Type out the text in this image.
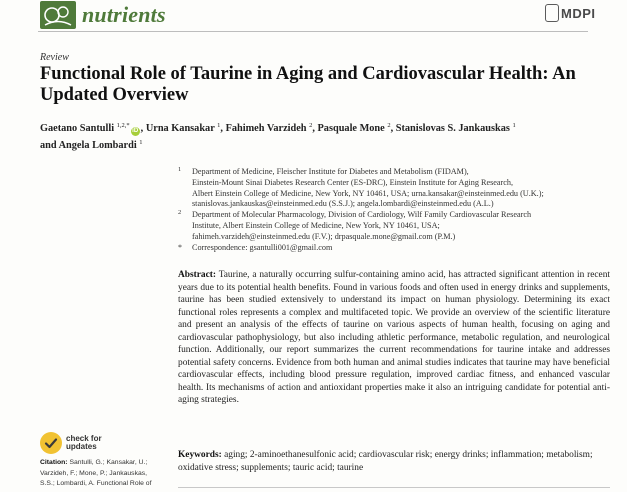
nutrients	MDPI
Review
Functional Role of Taurine in Aging and Cardiovascular Health: An Updated Overview
Gaetano Santulli $^{1,2,*}$iD , Urna Kansakar $^1$, Fahimeh Varzideh $^2$, Pasquale Mone $^2$, Stanislovas S. Jankauskas $^1$
and Angela Lombardi $^1$
1 Department of Medicine, Fleischer Institute for Diabetes and Metabolism (FIDAM),
Einstein-Mount Sinai Diabetes Research Center (ES-DRC), Einstein Institute for Aging Research,
Albert Einstein College of Medicine, New York, NY 10461, USA; urna.kansakar@einsteinmed.edu (U.K.);
stanislovas.jankauskas@einsteinmed.edu (S.S.J.); angela.lombardi@einsteinmed.edu (A.L.)
2 Department of Molecular Pharmacology, Division of Cardiology, Wilf Family Cardiovascular Research
Institute, Albert Einstein College of Medicine, New York, NY 10461, USA;
fahimeh.varzideh@einsteinmed.edu (F.V.); drpasquale.mone@gmail.com (P.M.)
* Correspondence: gsantulli001@gmail.com
Abstract: Taurine, a naturally occurring sulfur-containing amino acid, has attracted significant attention in recent years due to its potential health benefits. Found in various foods and often used in energy drinks and supplements, taurine has been studied extensively to understand its impact on human physiology. Determining its exact functional roles represents a complex and multifaceted topic. We provide an overview of the scientific literature and present an analysis of the effects of taurine on various aspects of human health, focusing on aging and cardiovascular pathophysiology, but also including athletic performance, metabolic regulation, and neurological function. Additionally, our report summarizes the current recommendations for taurine intake and addresses potential safety concerns. Evidence from both human and animal studies indicates that taurine may have beneficial cardiovascular effects, including blood pressure regulation, improved cardiac fitness, and enhanced vascular health. Its mechanisms of action and antioxidant properties make it also an intriguing candidate for potential anti-aging strategies.
Keywords: aging; 2-aminoethanesulfonic acid; cardiovascular risk; energy drinks; inflammation; metabolism; oxidative stress; supplements; tauric acid; taurine
check for
updates
Citation: Santulli, G.; Kansakar, U.;
Varzideh, F.; Mone, P.; Jankauskas,
S.S.; Lombardi, A. Functional Role of
